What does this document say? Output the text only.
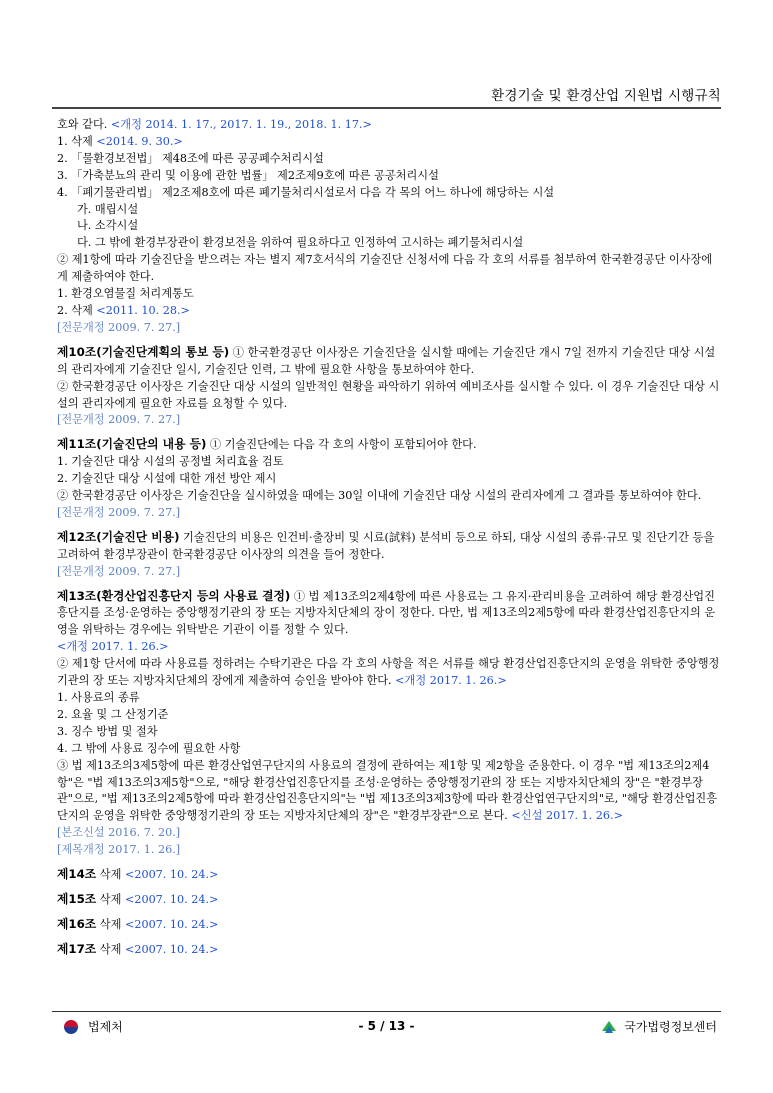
환경기술 및 환경산업 지원법 시행규칙

호와 같다. <개정 2014. 1. 17., 2017. 1. 19., 2018. 1. 17.>

1. 삭제 <2014. 9. 30.>

2. 「물환경보전법」 제48조에 따른 공공폐수처리시설

3. 「가축분뇨의 관리 및 이용에 관한 법률」 제2조제9호에 따른 공공처리시설

4. 「폐기물관리법」 제2조제8호에 따른 폐기물처리시설로서 다음 각 목의 어느 하나에 해당하는 시설

가. 매립시설

나. 소각시설

다. 그 밖에 환경부장관이 환경보전을 위하여 필요하다고 인정하여 고시하는 폐기물처리시설

② 제1항에 따라 기술진단을 받으려는 자는 별지 제7호서식의 기술진단 신청서에 다음 각 호의 서류를 첨부하여 한국환경공단 이사장에게 제출하여야 한다.

1. 환경오염물질 처리계통도

2. 삭제 <2011. 10. 28.>

[전문개정 2009. 7. 27.]

제10조(기술진단계획의 통보 등) ① 한국환경공단 이사장은 기술진단을 실시할 때에는 기술진단 개시 7일 전까지 기술진단 대상 시설의 관리자에게 기술진단 일시, 기술진단 인력, 그 밖에 필요한 사항을 통보하여야 한다.

② 한국환경공단 이사장은 기술진단 대상 시설의 일반적인 현황을 파악하기 위하여 예비조사를 실시할 수 있다. 이 경우 기술진단 대상 시설의 관리자에게 필요한 자료를 요청할 수 있다.

[전문개정 2009. 7. 27.]

제11조(기술진단의 내용 등) ① 기술진단에는 다음 각 호의 사항이 포함되어야 한다.

1. 기술진단 대상 시설의 공정별 처리효율 검토

2. 기술진단 대상 시설에 대한 개선 방안 제시

② 한국환경공단 이사장은 기술진단을 실시하였을 때에는 30일 이내에 기술진단 대상 시설의 관리자에게 그 결과를 통보하여야 한다.

[전문개정 2009. 7. 27.]

제12조(기술진단 비용) 기술진단의 비용은 인건비·출장비 및 시료(試料) 분석비 등으로 하되, 대상 시설의 종류·규모 및 진단기간 등을 고려하여 환경부장관이 한국환경공단 이사장의 의견을 들어 정한다.

[전문개정 2009. 7. 27.]

제13조(환경산업진흥단지 등의 사용료 결정) ① 법 제13조의2제4항에 따른 사용료는 그 유지·관리비용을 고려하여 해당 환경산업진흥단지를 조성·운영하는 중앙행정기관의 장 또는 지방자치단체의 장이 정한다. 다만, 법 제13조의2제5항에 따라 환경산업진흥단지의 운영을 위탁하는 경우에는 위탁받은 기관이 이를 정할 수 있다.

<개정 2017. 1. 26.>

② 제1항 단서에 따라 사용료를 정하려는 수탁기관은 다음 각 호의 사항을 적은 서류를 해당 환경산업진흥단지의 운영을 위탁한 중앙행정기관의 장 또는 지방자치단체의 장에게 제출하여 승인을 받아야 한다. <개정 2017. 1. 26.>

1. 사용료의 종류

2. 요율 및 그 산정기준

3. 징수 방법 및 절차

4. 그 밖에 사용료 징수에 필요한 사항

③ 법 제13조의3제5항에 따른 환경산업연구단지의 사용료의 결정에 관하여는 제1항 및 제2항을 준용한다. 이 경우 "법 제13조의2제4항"은 "법 제13조의3제5항"으로, "해당 환경산업진흥단지를 조성·운영하는 중앙행정기관의 장 또는 지방자치단체의 장"은 "환경부장관"으로, "법 제13조의2제5항에 따라 환경산업진흥단지의"는 "법 제13조의3제3항에 따라 환경산업연구단지의"로, "해당 환경산업진흥단지의 운영을 위탁한 중앙행정기관의 장 또는 지방자치단체의 장"은 "환경부장관"으로 본다. <신설 2017. 1. 26.>

[본조신설 2016. 7. 20.]

[제목개정 2017. 1. 26.]

제14조 삭제 <2007. 10. 24.>

제15조 삭제 <2007. 10. 24.>

제16조 삭제 <2007. 10. 24.>

제17조 삭제 <2007. 10. 24.>

법제처	- 5 / 13 -	국가법령정보센터
